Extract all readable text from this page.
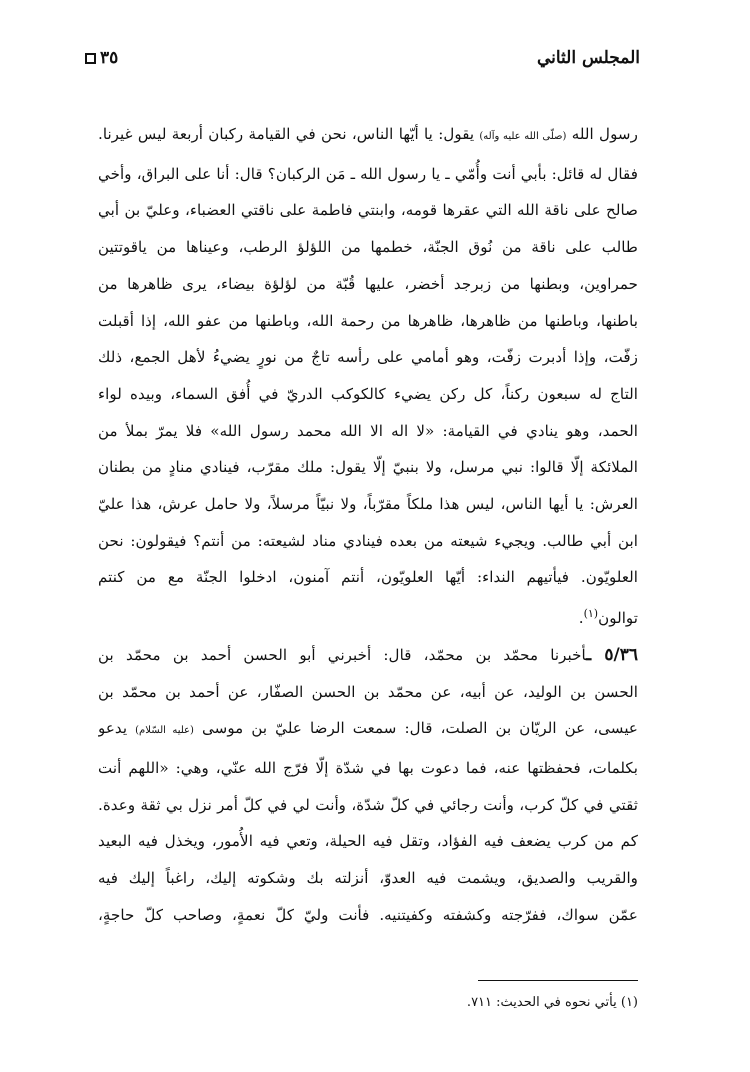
المجلس الثاني
٣٥
رسول الله (صلّى الله عليه وآله) يقول: يا أيّها الناس، نحن في القيامة ركبان أربعة ليس غيرنا.
فقال له قائل: بأبي أنت وأُمّي ـ يا رسول الله ـ مَن الركبان؟ قال: أنا على البراق، وأخي
صالح على ناقة الله التي عقرها قومه، وابنتي فاطمة على ناقتي العضباء، وعليّ بن أبي
طالب على ناقة من نُوق الجنّة، خطمها من اللؤلؤ الرطب، وعيناها من ياقوتتين
حمراوين، وبطنها من زبرجد أخضر، عليها قُبّة من لؤلؤة بيضاء، يرى ظاهرها من
باطنها، وباطنها من ظاهرها، ظاهرها من رحمة الله، وباطنها من عفو الله، إذا أقبلت
زفّت، وإذا أدبرت زفّت، وهو أمامي على رأسه تاجٌ من نورٍ يضيءُ لأهل الجمع، ذلك
التاج له سبعون ركناً، كل ركن يضيء كالكوكب الدريّ في أُفق السماء، وبيده لواء
الحمد، وهو ينادي في القيامة: «لا اله الا الله محمد رسول الله» فلا يمرّ بملأ من
الملائكة إلّا قالوا: نبي مرسل، ولا بنبيّ إلّا يقول: ملك مقرّب، فينادي منادٍ من بطنان
العرش: يا أيها الناس، ليس هذا ملكاً مقرّباً، ولا نبيّاً مرسلاً، ولا حامل عرش، هذا عليّ
ابن أبي طالب. ويجيء شيعته من بعده فينادي مناد لشيعته: من أنتم؟ فيقولون: نحن
العلويّون. فيأتيهم النداء: أيّها العلويّون، أنتم آمنون، ادخلوا الجنّة مع من كنتم
توالون$^{(١)}$.
٥/٣٦ ـأخبرنا محمّد بن محمّد، قال: أخبرني أبو الحسن أحمد بن محمّد بن
الحسن بن الوليد، عن أبيه، عن محمّد بن الحسن الصفّار، عن أحمد بن محمّد بن
عيسى، عن الريّان بن الصلت، قال: سمعت الرضا عليّ بن موسى (عليه السّلام) يدعو
بكلمات، فحفظتها عنه، فما دعوت بها في شدّة إلّا فرّج الله عنّي، وهي: «اللهم أنت
ثقتي في كلّ كرب، وأنت رجائي في كلّ شدّة، وأنت لي في كلّ أمر نزل بي ثقة وعدة.
كم من كرب يضعف فيه الفؤاد، وتقل فيه الحيلة، وتعي فيه الأُمور، ويخذل فيه البعيد
والقريب والصديق، ويشمت فيه العدوّ، أنزلته بك وشكوته إليك، راغباً إليك فيه
عمّن سواك، ففرّجته وكشفته وكفيتنيه. فأنت وليّ كلّ نعمةٍ، وصاحب كلّ حاجةٍ،
(١) يأتي نحوه في الحديث: ٧١١.
